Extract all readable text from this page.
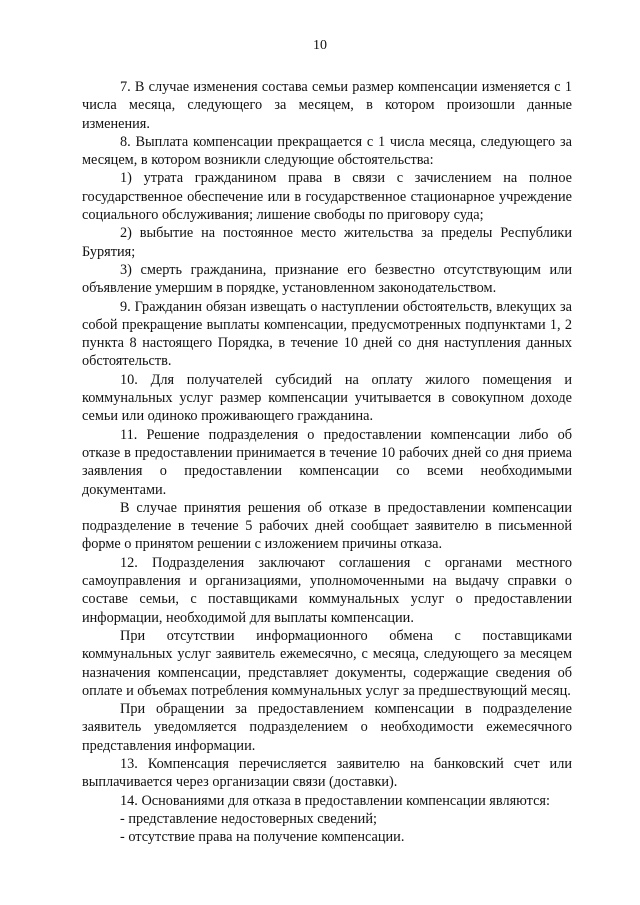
10

7. В случае изменения состава семьи размер компенсации изменяется с 1 числа месяца, следующего за месяцем, в котором произошли данные изменения.

8. Выплата компенсации прекращается с 1 числа месяца, следующего за месяцем, в котором возникли следующие обстоятельства:

1) утрата гражданином права в связи с зачислением на полное государственное обеспечение или в государственное стационарное учреждение социального обслуживания; лишение свободы по приговору суда;

2) выбытие на постоянное место жительства за пределы Республики Бурятия;

3) смерть гражданина, признание его безвестно отсутствующим или объявление умершим в порядке, установленном законодательством.

9. Гражданин обязан извещать о наступлении обстоятельств, влекущих за собой прекращение выплаты компенсации, предусмотренных подпунктами 1, 2 пункта 8 настоящего Порядка, в течение 10 дней со дня наступления данных обстоятельств.

10. Для получателей субсидий на оплату жилого помещения и коммунальных услуг размер компенсации учитывается в совокупном доходе семьи или одиноко проживающего гражданина.

11. Решение подразделения о предоставлении компенсации либо об отказе в предоставлении принимается в течение 10 рабочих дней со дня приема заявления о предоставлении компенсации со всеми необходимыми документами.

В случае принятия решения об отказе в предоставлении компенсации подразделение в течение 5 рабочих дней сообщает заявителю в письменной форме о принятом решении с изложением причины отказа.

12. Подразделения заключают соглашения с органами местного самоуправления и организациями, уполномоченными на выдачу справки о составе семьи, с поставщиками коммунальных услуг о предоставлении информации, необходимой для выплаты компенсации.

При отсутствии информационного обмена с поставщиками коммунальных услуг заявитель ежемесячно, с месяца, следующего за месяцем назначения компенсации, представляет документы, содержащие сведения об оплате и объемах потребления коммунальных услуг за предшествующий месяц.

При обращении за предоставлением компенсации в подразделение заявитель уведомляется подразделением о необходимости ежемесячного представления информации.

13. Компенсация перечисляется заявителю на банковский счет или выплачивается через организации связи (доставки).

14. Основаниями для отказа в предоставлении компенсации являются:

- представление недостоверных сведений;

- отсутствие права на получение компенсации.
